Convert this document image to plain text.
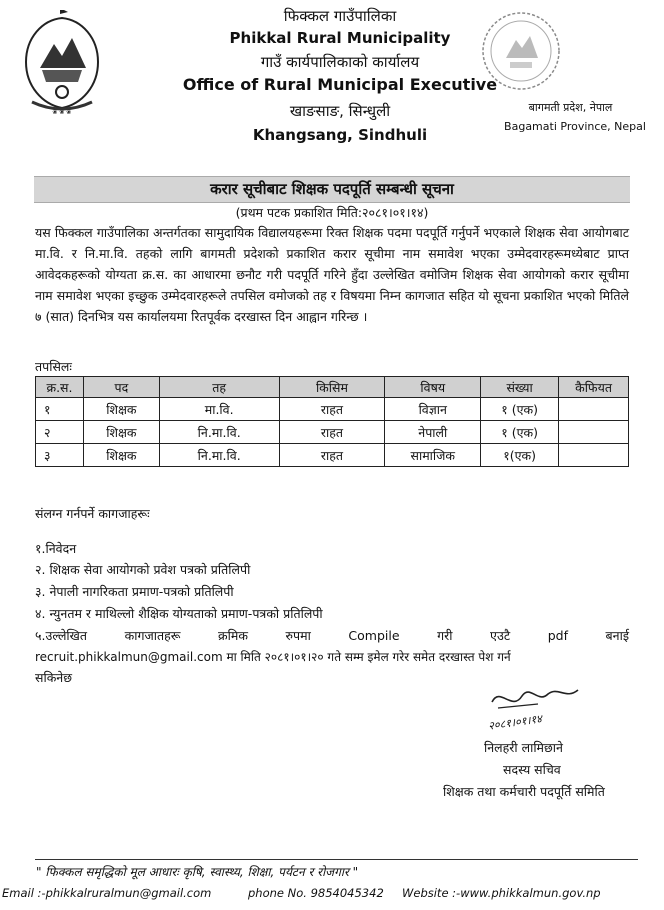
❀ ❀ ❀
फिक्कल गाउँपालिका
Phikkal Rural Municipality
गाउँ कार्यपालिकाको कार्यालय
Office of Rural Municipal Executive
खाङसाङ, सिन्धुली
Khangsang, Sindhuli
बागमती प्रदेश, नेपाल
Bagamati Province, Nepal
करार सूचीबाट शिक्षक पदपूर्ति सम्बन्धी सूचना
(प्रथम पटक प्रकाशित मिति:२०८१।०१।१४)
यस फिक्कल गाउँपालिका अन्तर्गतका सामुदायिक विद्यालयहरूमा रिक्त शिक्षक पदमा पदपूर्ति गर्नुपर्ने भएकाले शिक्षक सेवा आयोगबाट मा.वि. र नि.मा.वि. तहको लागि बागमती प्रदेशको प्रकाशित करार सूचीमा नाम समावेश भएका उम्मेदवारहरूमध्येबाट प्राप्त आवेदकहरूको योग्यता क्र.स. का आधारमा छनौट गरी पदपूर्ति गरिने हुँदा उल्लेखित वमोजिम शिक्षक सेवा आयोगको करार सूचीमा नाम समावेश भएका इच्छुक उम्मेदवारहरूले तपसिल वमोजको तह र विषयमा निम्न कागजात सहित यो सूचना प्रकाशित भएको मितिले ७ (सात) दिनभित्र यस कार्यालयमा रितपूर्वक दरखास्त दिन आह्वान गरिन्छ ।
तपसिलः
क्र.स.	पद	तह	किसिम	विषय	संख्या	कैफियत
१	शिक्षक	मा.वि.	राहत	विज्ञान	१ (एक)	
२	शिक्षक	नि.मा.वि.	राहत	नेपाली	१ (एक)	
३	शिक्षक	नि.मा.वि.	राहत	सामाजिक	१(एक)	
संलग्न गर्नपर्ने कागजाहरूः
१.निवेदन
२. शिक्षक सेवा आयोगको प्रवेश पत्रको प्रतिलिपी
३. नेपाली नागरिकता प्रमाण-पत्रको प्रतिलिपी
४. न्युनतम र माथिल्लो शैक्षिक योग्यताको प्रमाण-पत्रको प्रतिलिपी
५.उल्लेखित कागजातहरू क्रमिक रुपमा Compile गरी एउटै pdf बनाई
recruit.phikkalmun@gmail.com मा मिति २०८१।०१।२० गते सम्म इमेल गरेर समेत दरखास्त पेश गर्न
सकिनेछ
२०८१।०१।१४
निलहरी लामिछाने
सदस्य सचिव
शिक्षक तथा कर्मचारी पदपूर्ति समिति
" फिक्कल समृद्धिको मूल आधारः कृषि, स्वास्थ्य, शिक्षा, पर्यटन र रोजगार "
Email :-phikkalruralmun@gmail.com	phone No. 9854045342 Website :-www.phikkalmun.gov.np
